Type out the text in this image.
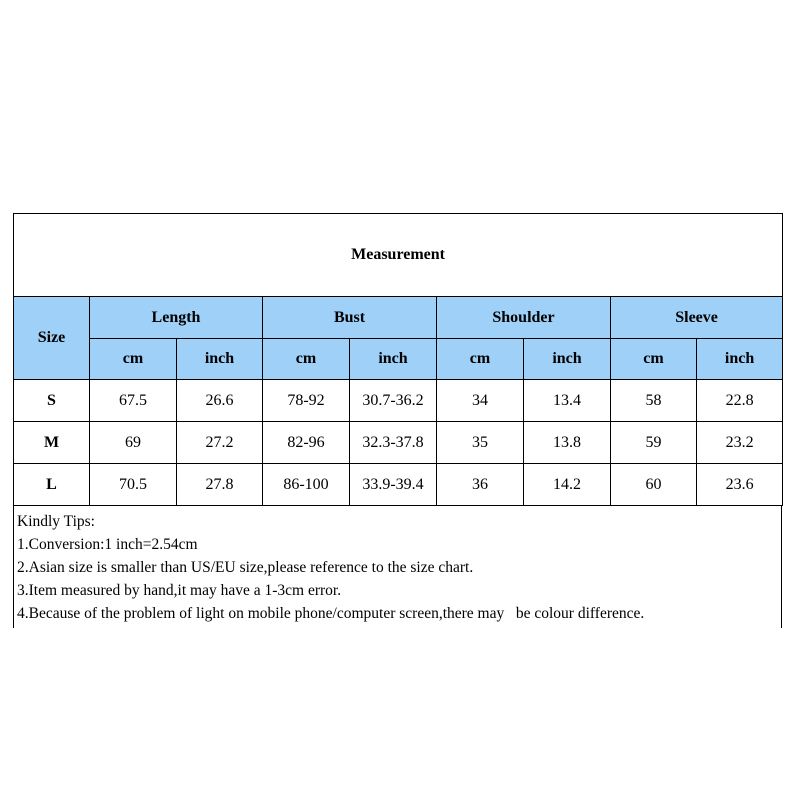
Measurement								
Size	Length		Bust		Shoulder		Sleeve	
	cm	inch	cm	inch	cm	inch	cm	inch
S	67.5	26.6	78-92	30.7-36.2	34	13.4	58	22.8
M	69	27.2	82-96	32.3-37.8	35	13.8	59	23.2
L	70.5	27.8	86-100	33.9-39.4	36	14.2	60	23.6
Kindly Tips:
1.Conversion:1 inch=2.54cm
2.Asian size is smaller than US/EU size,please reference to the size chart.
3.Item measured by hand,it may have a 1-3cm error.
4.Because of the problem of light on mobile phone/computer screen,there may   be colour difference.
